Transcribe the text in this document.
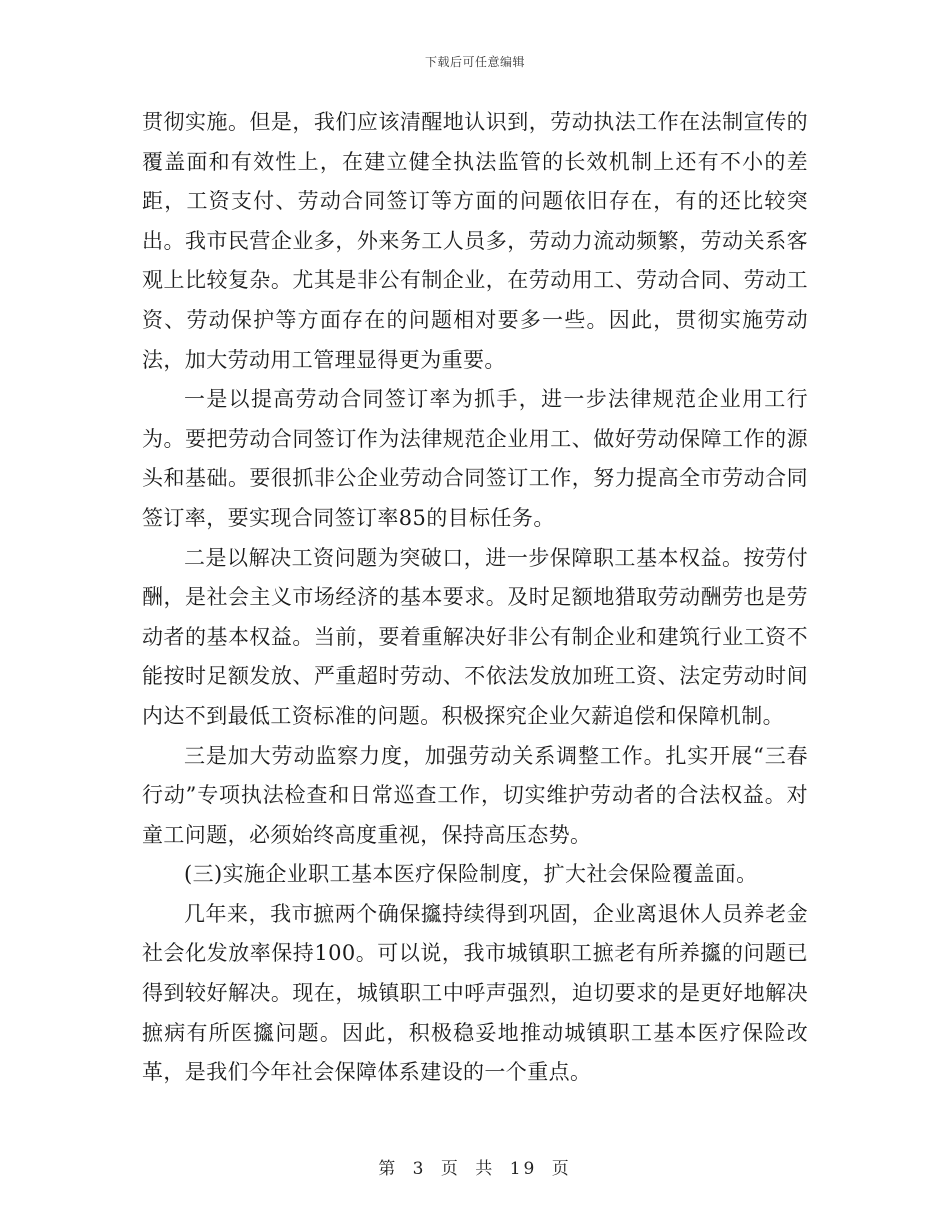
下载后可任意编辑

贯彻实施。但是，我们应该清醒地认识到，劳动执法工作在法制宣传的覆盖面和有效性上，在建立健全执法监管的长效机制上还有不小的差距，工资支付、劳动合同签订等方面的问题依旧存在，有的还比较突出。我市民营企业多，外来务工人员多，劳动力流动频繁，劳动关系客观上比较复杂。尤其是非公有制企业，在劳动用工、劳动合同、劳动工资、劳动保护等方面存在的问题相对要多一些。因此，贯彻实施劳动法，加大劳动用工管理显得更为重要。

一是以提高劳动合同签订率为抓手，进一步法律规范企业用工行为。要把劳动合同签订作为法律规范企业用工、做好劳动保障工作的源头和基础。要很抓非公企业劳动合同签订工作，努力提高全市劳动合同签订率，要实现合同签订率85的目标任务。

二是以解决工资问题为突破口，进一步保障职工基本权益。按劳付酬，是社会主义市场经济的基本要求。及时足额地猎取劳动酬劳也是劳动者的基本权益。当前，要着重解决好非公有制企业和建筑行业工资不能按时足额发放、严重超时劳动、不依法发放加班工资、法定劳动时间内达不到最低工资标准的问题。积极探究企业欠薪追偿和保障机制。

三是加大劳动监察力度，加强劳动关系调整工作。扎实开展“三春行动”专项执法检查和日常巡查工作，切实维护劳动者的合法权益。对童工问题，必须始终高度重视，保持高压态势。

(三)实施企业职工基本医疗保险制度，扩大社会保险覆盖面。

几年来，我市摭两个确保攨持续得到巩固，企业离退休人员养老金社会化发放率保持100。可以说，我市城镇职工摭老有所养攨的问题已得到较好解决。现在，城镇职工中呼声强烈，迫切要求的是更好地解决摭病有所医攨问题。因此，积极稳妥地推动城镇职工基本医疗保险改革，是我们今年社会保障体系建设的一个重点。

第 3 页 共 19 页
